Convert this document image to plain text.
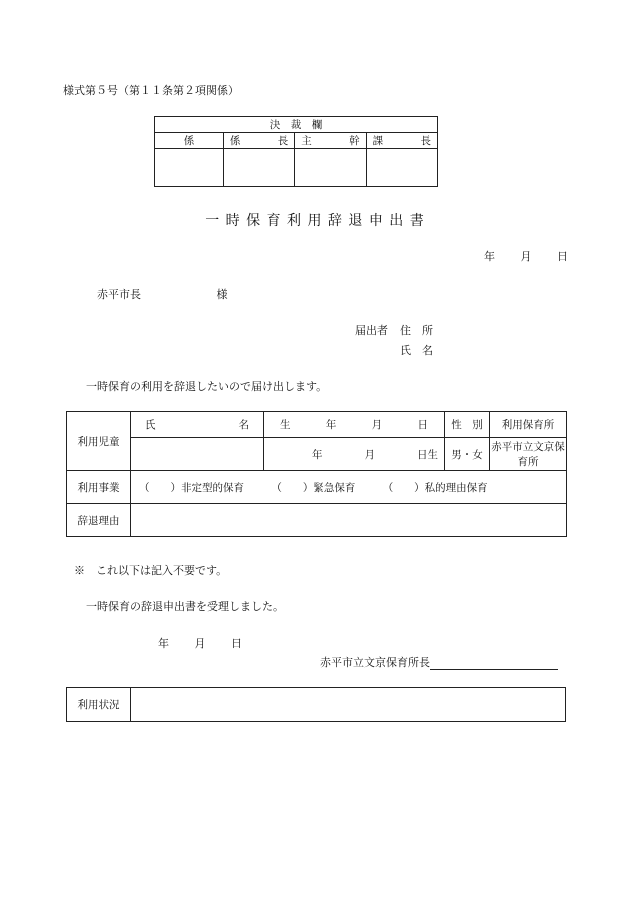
様式第５号（第１１条第２項関係）
決　裁　欄			

係	係 長	主 幹	課 長

一 時 保 育 利 用 辞 退 申 出 書
年 月 日
赤平市長	様
届出者 住　所
氏　名
一時保育の利用を辞退したいので届け出します。
利用児童	氏 名	生 年 月 日	性　別	利用保育所

		年 月 日生	男・女	赤平市立文京保育所
利用事業	（　　）非定型的保育 （　　）緊急保育 （　　）私的理由保育			
辞退理由				
※　これ以下は記入不要です。
一時保育の辞退申出書を受理しました。
年 月 日
赤平市立文京保育所長
利用状況	
